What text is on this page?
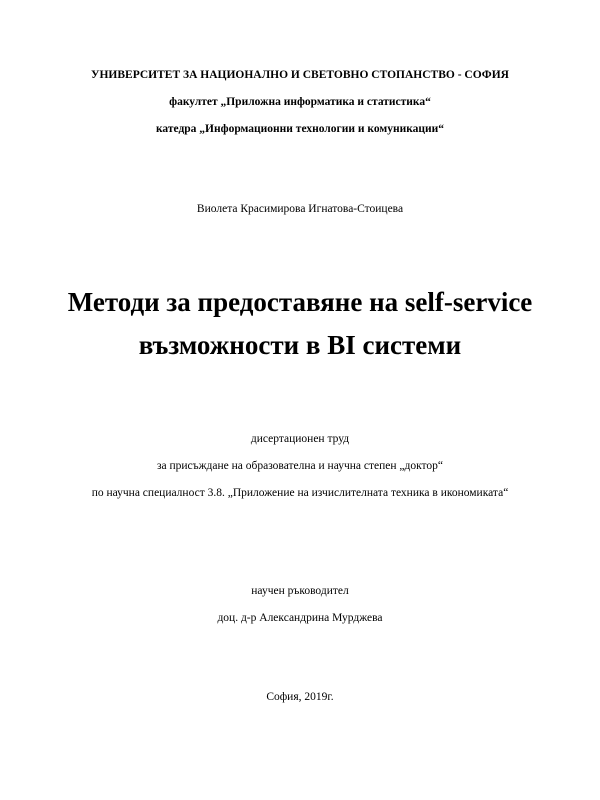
УНИВЕРСИТЕТ ЗА НАЦИОНАЛНО И СВЕТОВНО СТОПАНСТВО - СОФИЯ
факултет „Приложна информатика и статистика“
катедра „Информационни технологии и комуникации“
Виолета Красимирова Игнатова-Стоицева
Методи за предоставяне на self-service
възможности в BI системи
дисертационен труд
за присъждане на образователна и научна степен „доктор“
по научна специалност 3.8. „Приложение на изчислителната техника в икономиката“
научен ръководител
доц. д-р Александрина Мурджева
София, 2019г.
